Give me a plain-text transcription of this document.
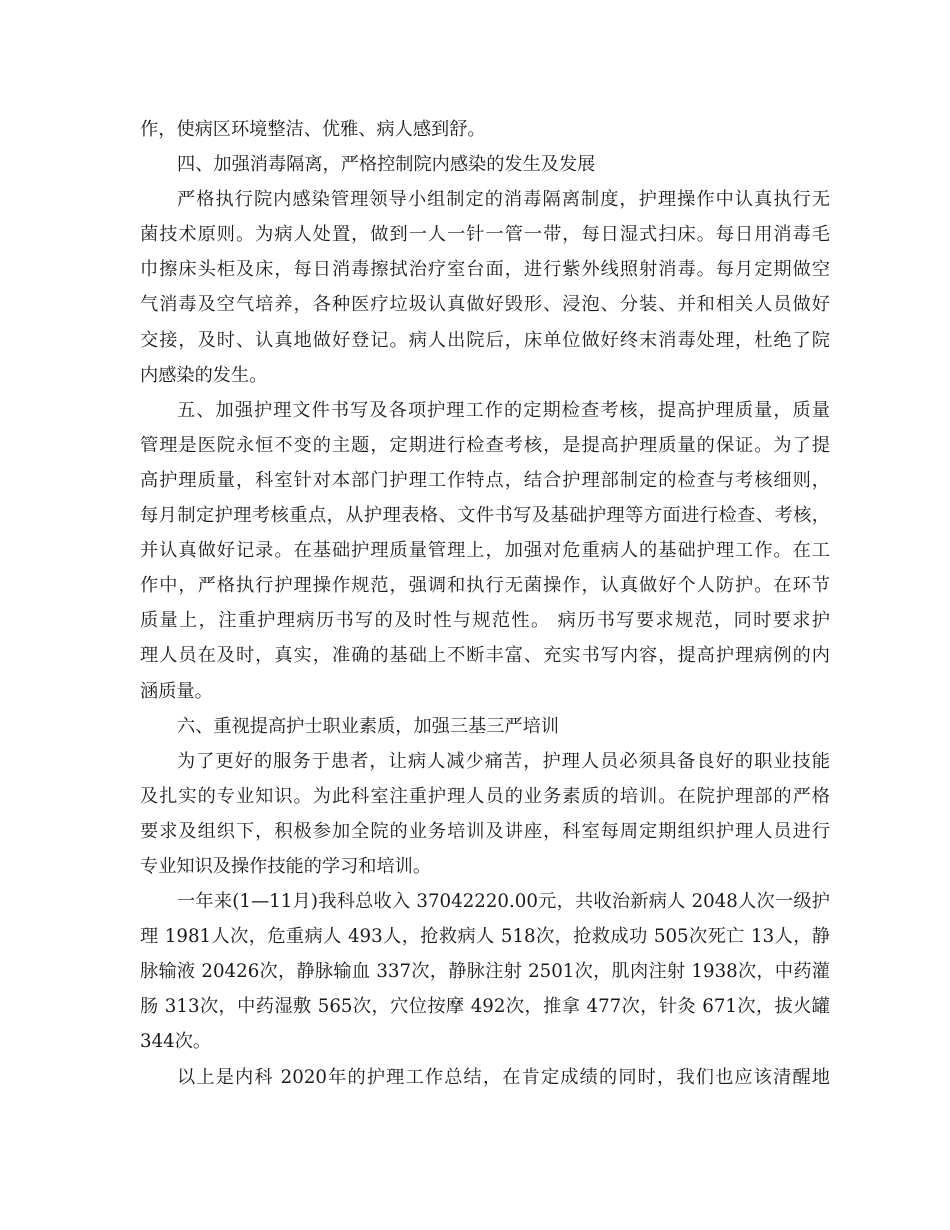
作，使病区环境整洁、优雅、病人感到舒。
四、加强消毒隔离，严格控制院内感染的发生及发展
严格执行院内感染管理领导小组制定的消毒隔离制度，护理操作中认真执行无
菌技术原则。为病人处置，做到一人一针一管一带，每日湿式扫床。每日用消毒毛
巾擦床头柜及床，每日消毒擦拭治疗室台面，进行紫外线照射消毒。每月定期做空
气消毒及空气培养，各种医疗垃圾认真做好毁形、浸泡、分装、并和相关人员做好
交接，及时、认真地做好登记。病人出院后，床单位做好终末消毒处理，杜绝了院
内感染的发生。
五、加强护理文件书写及各项护理工作的定期检查考核，提高护理质量，质量
管理是医院永恒不变的主题，定期进行检查考核，是提高护理质量的保证。为了提
高护理质量，科室针对本部门护理工作特点，结合护理部制定的检查与考核细则，
每月制定护理考核重点，从护理表格、文件书写及基础护理等方面进行检查、考核，
并认真做好记录。在基础护理质量管理上，加强对危重病人的基础护理工作。在工
作中，严格执行护理操作规范，强调和执行无菌操作，认真做好个人防护。在环节
质量上，注重护理病历书写的及时性与规范性。 病历书写要求规范，同时要求护
理人员在及时，真实，准确的基础上不断丰富、充实书写内容，提高护理病例的内
涵质量。
六、重视提高护士职业素质，加强三基三严培训
为了更好的服务于患者，让病人减少痛苦，护理人员必须具备良好的职业技能
及扎实的专业知识。为此科室注重护理人员的业务素质的培训。在院护理部的严格
要求及组织下，积极参加全院的业务培训及讲座，科室每周定期组织护理人员进行
专业知识及操作技能的学习和培训。
一年来(1—11月)我科总收入 37042220.00元，共收治新病人 2048人次一级护
理 1981人次，危重病人 493人，抢救病人 518次，抢救成功 505次死亡 13人，静
脉输液 20426次，静脉输血 337次，静脉注射 2501次，肌肉注射 1938次，中药灌
肠 313次，中药湿敷 565次，穴位按摩 492次，推拿 477次，针灸 671次，拔火罐
344次。
以上是内科 2020年的护理工作总结，在肯定成绩的同时，我们也应该清醒地
